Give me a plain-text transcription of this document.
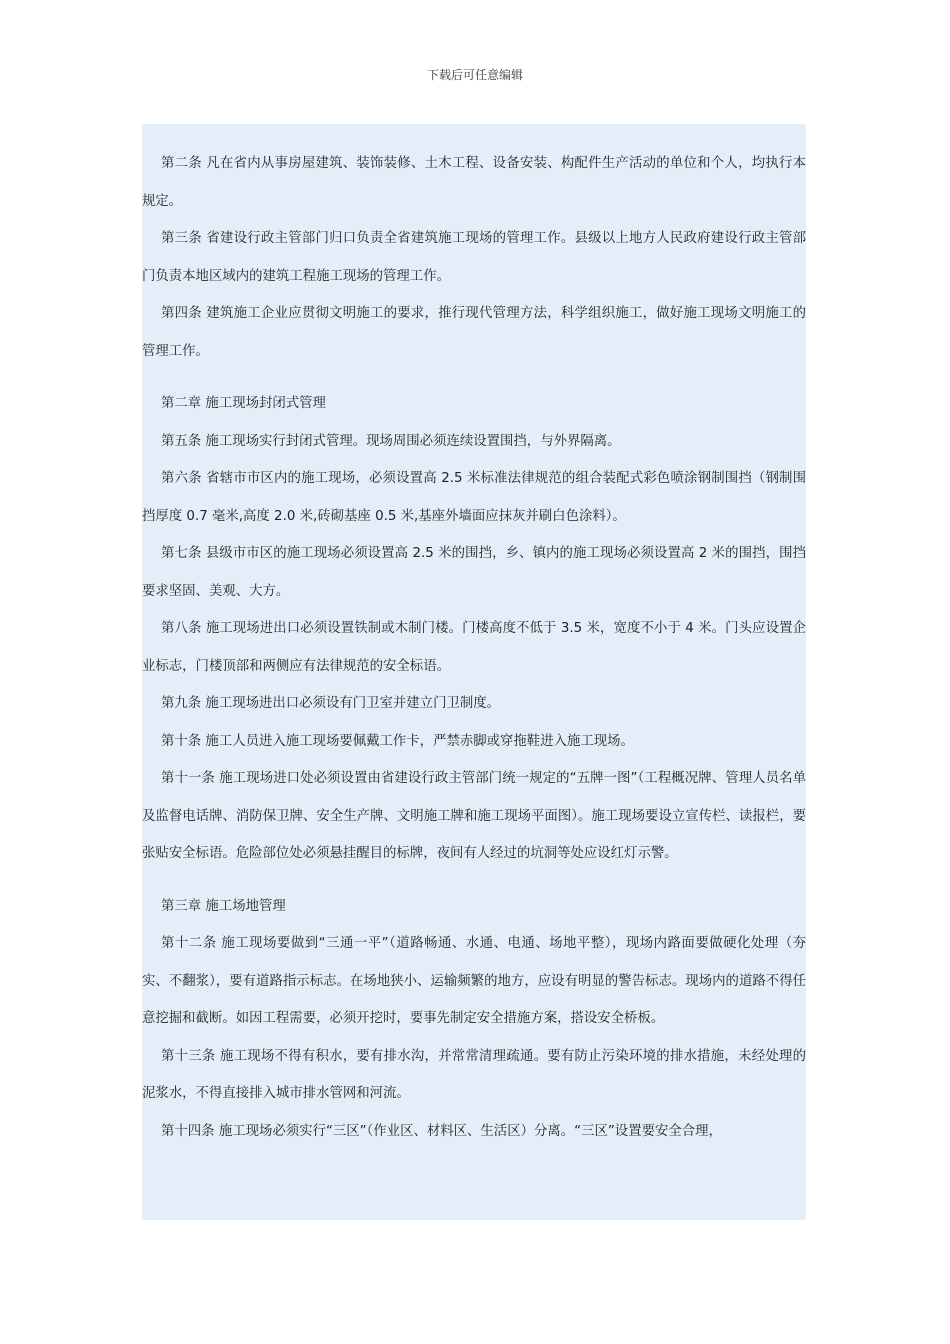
下载后可任意编辑

第二条 凡在省内从事房屋建筑、装饰装修、土木工程、设备安装、构配件生产活动的单位和个人，均执行本规定。

第三条 省建设行政主管部门归口负责全省建筑施工现场的管理工作。县级以上地方人民政府建设行政主管部门负责本地区域内的建筑工程施工现场的管理工作。

第四条 建筑施工企业应贯彻文明施工的要求，推行现代管理方法，科学组织施工，做好施工现场文明施工的管理工作。

第二章 施工现场封闭式管理

第五条 施工现场实行封闭式管理。现场周围必须连续设置围挡，与外界隔离。

第六条 省辖市市区内的施工现场，必须设置高 2.5 米标准法律规范的组合装配式彩色喷涂钢制围挡（钢制围挡厚度 0.7 毫米,高度 2.0 米,砖砌基座 0.5 米,基座外墙面应抹灰并刷白色涂料）。

第七条 县级市市区的施工现场必须设置高 2.5 米的围挡，乡、镇内的施工现场必须设置高 2 米的围挡，围挡要求坚固、美观、大方。

第八条 施工现场进出口必须设置铁制或木制门楼。门楼高度不低于 3.5 米，宽度不小于 4 米。门头应设置企业标志，门楼顶部和两侧应有法律规范的安全标语。

第九条 施工现场进出口必须设有门卫室并建立门卫制度。

第十条 施工人员进入施工现场要佩戴工作卡，严禁赤脚或穿拖鞋进入施工现场。

第十一条 施工现场进口处必须设置由省建设行政主管部门统一规定的“五牌一图”（工程概况牌、管理人员名单及监督电话牌、消防保卫牌、安全生产牌、文明施工牌和施工现场平面图）。施工现场要设立宣传栏、读报栏，要张贴安全标语。危险部位处必须悬挂醒目的标牌，夜间有人经过的坑洞等处应设红灯示警。

第三章 施工场地管理

第十二条 施工现场要做到“三通一平”（道路畅通、水通、电通、场地平整），现场内路面要做硬化处理（夯实、不翻浆），要有道路指示标志。在场地狭小、运输频繁的地方，应设有明显的警告标志。现场内的道路不得任意挖掘和截断。如因工程需要，必须开挖时，要事先制定安全措施方案，搭设安全桥板。

第十三条 施工现场不得有积水，要有排水沟，并常常清理疏通。要有防止污染环境的排水措施，未经处理的泥浆水，不得直接排入城市排水管网和河流。

第十四条 施工现场必须实行“三区”（作业区、材料区、生活区）分离。“三区”设置要安全合理，
